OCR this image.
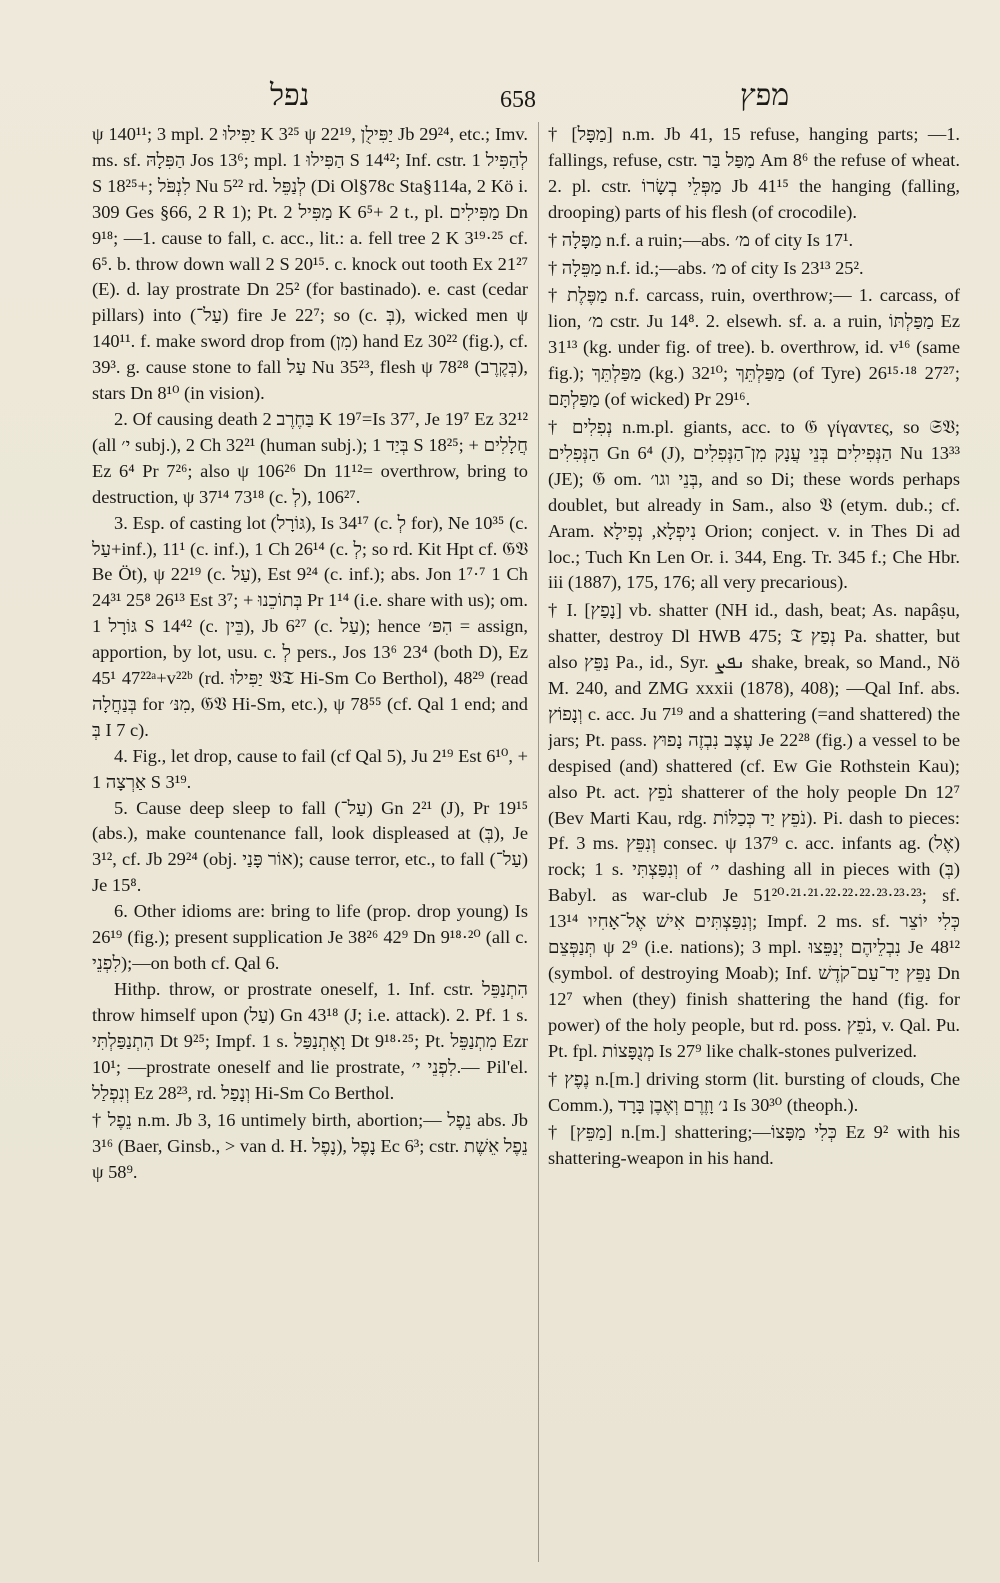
נפל	658	מפץ

ψ 140¹¹; 3 mpl. יַפִּילוּ 2 K 3²⁵ ψ 22¹⁹, יַפִּילֻן Jb 29²⁴, etc.; Imv. ms. sf. הַפִּלָהּ Jos 13⁶; mpl. הַפִּילוּ 1 S 14⁴²; Inf. cstr. לְהַפִּיל 1 S 18²⁵+; לִנְפֹּל Nu 5²² rd. לְנַפֵּל (Di Ol§78c Sta§114a, 2 Kö i. 309 Ges §66, 2 R 1); Pt. מַפִּיל 2 K 6⁵+ 2 t., pl. מַפִּילִים Dn 9¹⁸; —1. cause to fall, c. acc., lit.: a. fell tree 2 K 3¹⁹·²⁵ cf. 6⁵. b. throw down wall 2 S 20¹⁵. c. knock out tooth Ex 21²⁷ (E). d. lay prostrate Dn 25² (for bastinado). e. cast (cedar pillars) into (עַל־) fire Je 22⁷; so (c. בְּ), wicked men ψ 140¹¹. f. make sword drop from (מִן) hand Ez 30²² (fig.), cf. 39³. g. cause stone to fall עַל Nu 35²³, flesh ψ 78²⁸ (בְּקֶרֶב), stars Dn 8¹⁰ (in vision).

2. Of causing death בַּחֶרֶב 2 K 19⁷=Is 37⁷, Je 19⁷ Ez 32¹² (all י׳ subj.), 2 Ch 32²¹ (human subj.); בְּיַד 1 S 18²⁵; + חֲלָלִים Ez 6⁴ Pr 7²⁶; also ψ 106²⁶ Dn 11¹²= overthrow, bring to destruction, ψ 37¹⁴ 73¹⁸ (c. לְ), 106²⁷.

3. Esp. of casting lot (גּוֹרָל), Is 34¹⁷ (c. לְ for), Ne 10³⁵ (c. עַל+inf.), 11¹ (c. inf.), 1 Ch 26¹⁴ (c. לְ; so rd. Kit Hpt cf. 𝔊𝔙 Be Öt), ψ 22¹⁹ (c. עַל), Est 9²⁴ (c. inf.); abs. Jon 1⁷·⁷ 1 Ch 24³¹ 25⁸ 26¹³ Est 3⁷; + בְּתוֹכֵנוּ Pr 1¹⁴ (i.e. share with us); om. גּוֹרָל 1 S 14⁴² (c. בֵּין), Jb 6²⁷ (c. עַל); hence הִפּ׳ = assign, apportion, by lot, usu. c. לְ pers., Jos 13⁶ 23⁴ (both D), Ez 45¹ 47²²ᵃ+v²²ᵇ (rd. יַפִּילוּ 𝔙𝔗 Hi-Sm Co Berthol), 48²⁹ (read בְּנַחֲלָה for מִנּ׳, 𝔊𝔙 Hi-Sm, etc.), ψ 78⁵⁵ (cf. Qal 1 end; and בְּ I 7 c).

4. Fig., let drop, cause to fail (cf Qal 5), Ju 2¹⁹ Est 6¹⁰, + אַרְצָה 1 S 3¹⁹.

5. Cause deep sleep to fall (עַל־) Gn 2²¹ (J), Pr 19¹⁵ (abs.), make countenance fall, look displeased at (בְּ), Je 3¹², cf. Jb 29²⁴ (obj. אוֹר פָּנַי); cause terror, etc., to fall (עַל־) Je 15⁸.

6. Other idioms are: bring to life (prop. drop young) Is 26¹⁹ (fig.); present supplication Je 38²⁶ 42⁹ Dn 9¹⁸·²⁰ (all c. לִפְנֵי);—on both cf. Qal 6.

Hithp. throw, or prostrate oneself, 1. Inf. cstr. הִתְנַפֵּל throw himself upon (עַל) Gn 43¹⁸ (J; i.e. attack). 2. Pf. 1 s. הִתְנַפַּלְתִּי Dt 9²⁵; Impf. 1 s. וָאֶתְנַפַּל Dt 9¹⁸·²⁵; Pt. מִתְנַפֵּל Ezr 10¹; —prostrate oneself and lie prostrate, לִפְנֵי י׳.— Pil'el. וְנִפְלַל Ez 28²³, rd. וְנָפַל Hi-Sm Co Berthol.

† נֵפֶל n.m. Jb 3, 16 untimely birth, abortion;— נֵפֶל abs. Jb 3¹⁶ (Baer, Ginsb., > van d. H. נָפֶל), נָפֶל Ec 6³; cstr. נֵפֶל אֵשֶׁת ψ 58⁹.

† [מַפָּל] n.m. Jb 41, 15 refuse, hanging parts; —1. fallings, refuse, cstr. מַפַּל בַּר Am 8⁶ the refuse of wheat. 2. pl. cstr. מַפְּלֵי בְשָׂרוֹ Jb 41¹⁵ the hanging (falling, drooping) parts of his flesh (of crocodile).

† מַפָּלָה n.f. a ruin;—abs. מ׳ of city Is 17¹.

† מַפֵּלָה n.f. id.;—abs. מ׳ of city Is 23¹³ 25².

† מַפֶּלֶת n.f. carcass, ruin, overthrow;— 1. carcass, of lion, מ׳ cstr. Ju 14⁸. 2. elsewh. sf. a. a ruin, מַפַּלְתּוֹ Ez 31¹³ (kg. under fig. of tree). b. overthrow, id. v¹⁶ (same fig.); מַפַּלְתֵּךְ (kg.) 32¹⁰; מַפַּלְתֵּךְ (of Tyre) 26¹⁵·¹⁸ 27²⁷; מַפַּלְתָּם (of wicked) Pr 29¹⁶.

† נְפִלִים n.m.pl. giants, acc. to 𝔊 γίγαντες, so 𝔖𝔙; הַנְּפִלִים Gn 6⁴ (J), הַנְּפִילִים בְּנֵי עֲנָק מִן־הַנְּפִלִים Nu 13³³ (JE); 𝔊 om. בְּנֵי וגו׳, and so Di; these words perhaps doublet, but already in Sam., also 𝔙 (etym. dub.; cf. Aram. נִיפְלָא, נְפִילָא Orion; conject. v. in Thes Di ad loc.; Tuch Kn Len Or. i. 344, Eng. Tr. 345 f.; Che Hbr. iii (1887), 175, 176; all very precarious).

† I. [נָפַץ] vb. shatter (NH id., dash, beat; As. napâṣu, shatter, destroy Dl HWB 475; 𝔗 נְפַץ Pa. shatter, but also נַפֵּץ Pa., id., Syr. ܢܦܨ shake, break, so Mand., Nö M. 240, and ZMG xxxii (1878), 408); —Qal Inf. abs. וְנָפוֹץ c. acc. Ju 7¹⁹ and a shattering (=and shattered) the jars; Pt. pass. עֶצֶב נִבְזֶה נָפוּץ Je 22²⁸ (fig.) a vessel to be despised (and) shattered (cf. Ew Gie Rothstein Kau); also Pt. act. נֹפֵץ shatterer of the holy people Dn 12⁷ (Bev Marti Kau, rdg. נֹפֵץ יַד כְּכַלּוֹת). Pi. dash to pieces: Pf. 3 ms. וְנִפֵּץ consec. ψ 137⁹ c. acc. infants ag. (אֶל) rock; 1 s. וְנִפַּצְתִּי of י׳ dashing all in pieces with (בְּ) Babyl. as war-club Je 51²⁰·²¹·²¹·²²·²²·²²·²³·²³·²³; sf. וְנִפַּצְתִּים אִישׁ אֶל־אָחִיו 13¹⁴; Impf. 2 ms. sf. כְּלִי יוֹצֵר תְּנַפְּצֵם ψ 2⁹ (i.e. nations); 3 mpl. נִבְלֵיהֶם יְנַפֵּצוּ Je 48¹² (symbol. of destroying Moab); Inf. נַפֵּץ יַד־עַם־קֹדֶשׁ Dn 12⁷ when (they) finish shattering the hand (fig. for power) of the holy people, but rd. poss. נֹפֵץ, v. Qal. Pu. Pt. fpl. מְנֻפָּצוֹת Is 27⁹ like chalk-stones pulverized.

† נֶפֶץ n.[m.] driving storm (lit. bursting of clouds, Che Comm.), נ׳ וָזֶרֶם וְאֶבֶן בָּרָד Is 30³⁰ (theoph.).

† [מַפֵּץ] n.[m.] shattering;—כְּלִי מַפָּצוֹ Ez 9² with his shattering-weapon in his hand.
